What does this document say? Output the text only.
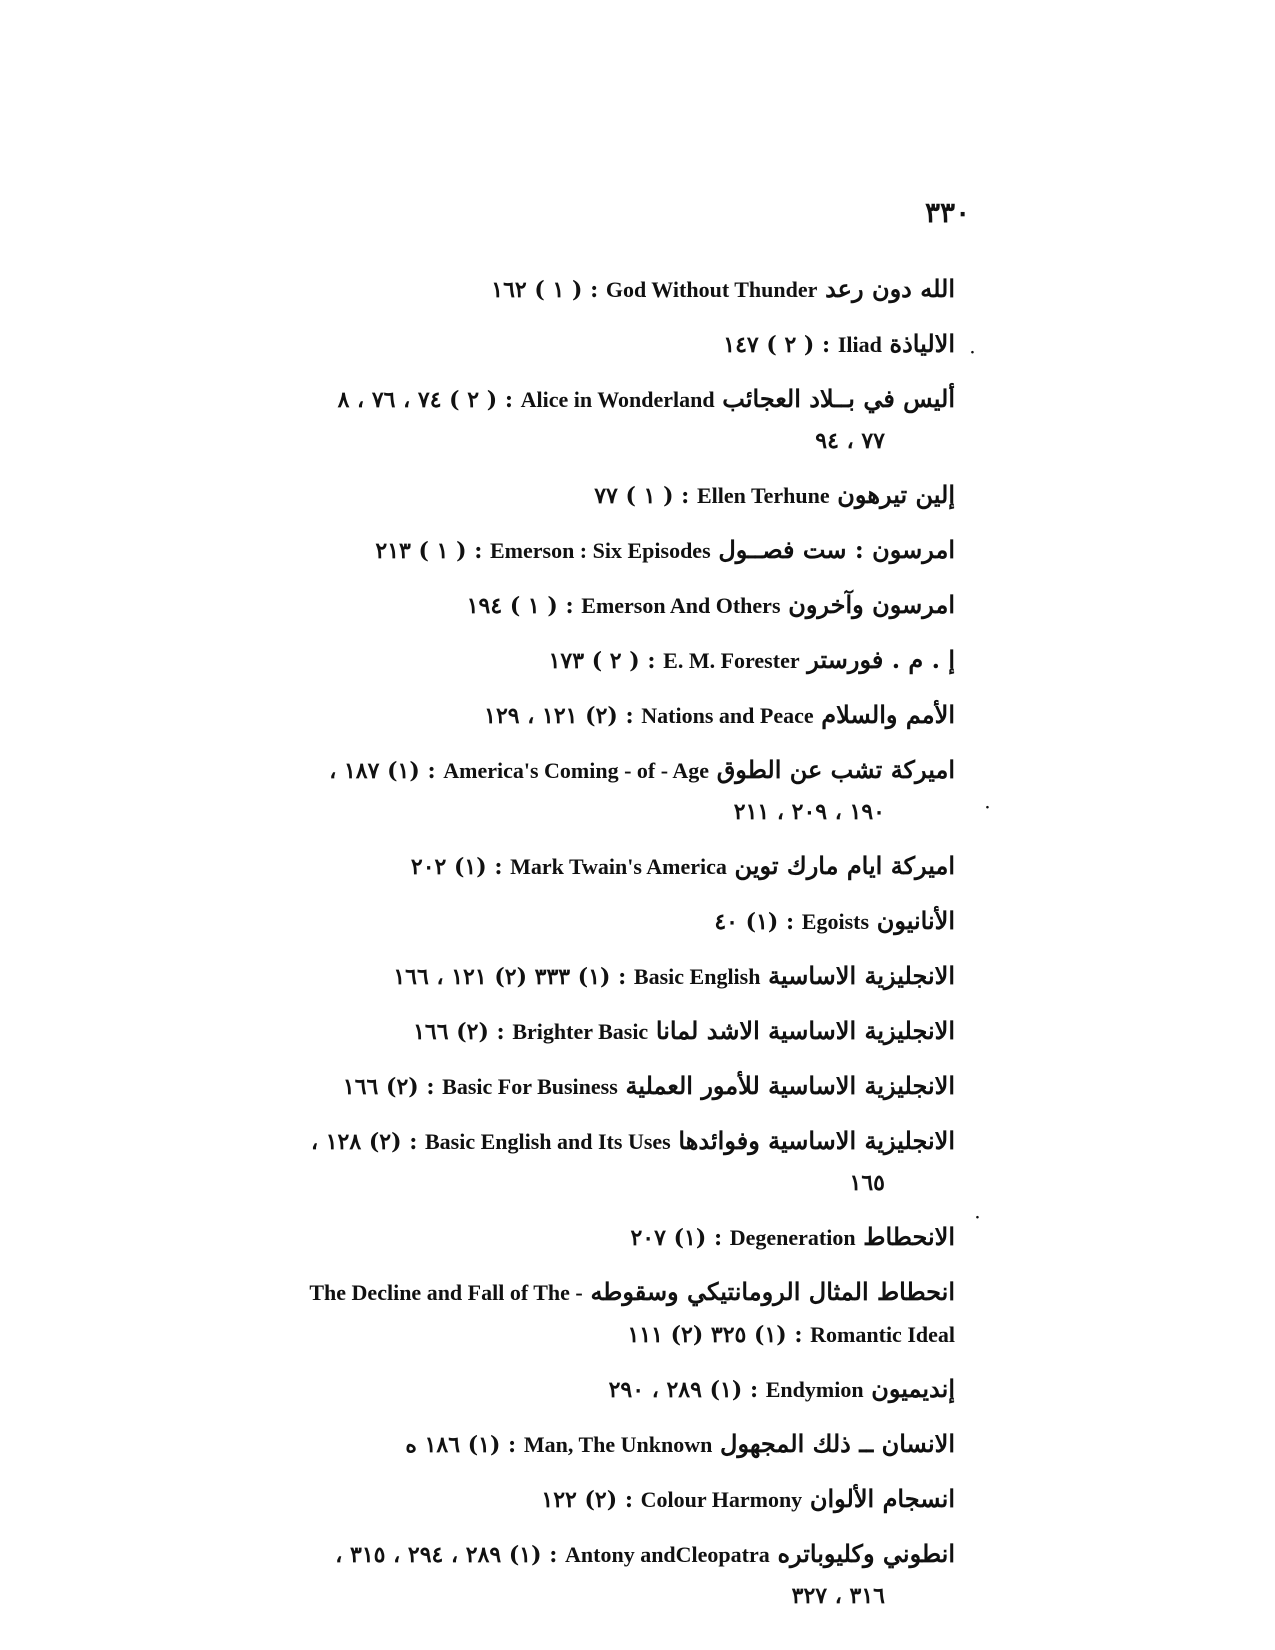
٣٣٠
الله دون رعد God Without Thunder : ( ١ ) ١٦٢
الالياذة Iliad : ( ٢ ) ١٤٧
أليس في بــلاد العجائب Alice in Wonderland : ( ٢ ) ٧٤ ، ٧٦ ، ٨
٧٧ ، ٩٤
إلين تيرهون Ellen Terhune : ( ١ ) ٧٧
امرسون : ست فصــول Emerson : Six Episodes : ( ١ ) ٢١٣
امرسون وآخرون Emerson And Others : ( ١ ) ١٩٤
إ . م . فورستر E. M. Forester : ( ٢ ) ١٧٣
الأمم والسلام Nations and Peace : (٢) ١٢١ ، ١٢٩
اميركة تشب عن الطوق America's Coming - of - Age : (١) ١٨٧ ،
١٩٠ ، ٢٠٩ ، ٢١١
اميركة ايام مارك توين Mark Twain's America : (١) ٢٠٢
الأنانيون Egoists : (١) ٤٠
الانجليزية الاساسية Basic English : (١) ٣٣٣ (٢) ١٢١ ، ١٦٦
الانجليزية الاساسية الاشد لمانا Brighter Basic : (٢) ١٦٦
الانجليزية الاساسية للأمور العملية Basic For Business : (٢) ١٦٦
الانجليزية الاساسية وفوائدها Basic English and Its Uses : (٢) ١٢٨ ،
١٦٥
الانحطاط Degeneration : (١) ٢٠٧
انحطاط المثال الرومانتيكي وسقوطه The Decline and Fall of The - Romantic Ideal : (١) ٣٢٥ (٢) ١١١
إنديميون Endymion : (١) ٢٨٩ ، ٢٩٠
الانسان ــ ذلك المجهول Man, The Unknown : (١) ١٨٦ ه
انسجام الألوان Colour Harmony : (٢) ١٢٢
انطوني وكليوباتره Antony andCleopatra : (١) ٢٨٩ ، ٢٩٤ ، ٣١٥ ،
٣١٦ ، ٣٢٧
·
·
·
